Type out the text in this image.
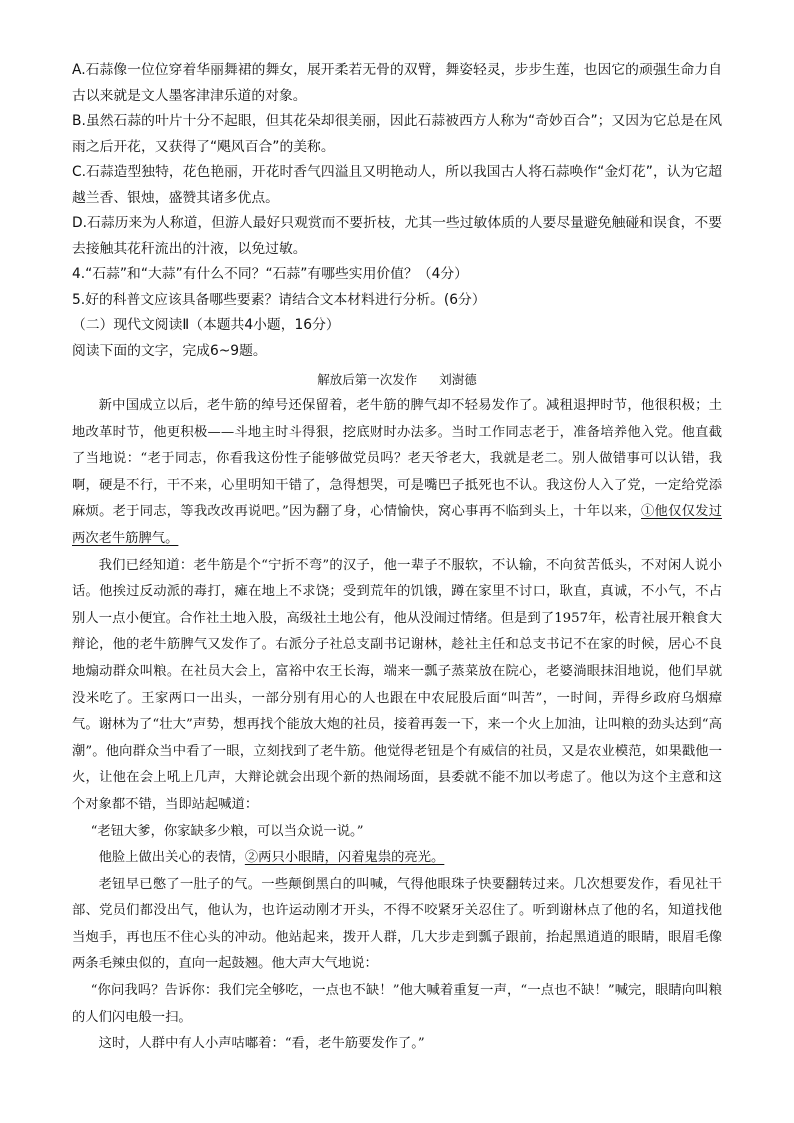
A.石蒜像一位位穿着华丽舞裙的舞女，展开柔若无骨的双臂，舞姿轻灵，步步生莲，也因它的顽强生命力自古以来就是文人墨客津津乐道的对象。

B.虽然石蒜的叶片十分不起眼，但其花朵却很美丽，因此石蒜被西方人称为“奇妙百合”；又因为它总是在风雨之后开花，又获得了“飓风百合”的美称。

C.石蒜造型独特，花色艳丽，开花时香气四溢且又明艳动人，所以我国古人将石蒜唤作“金灯花”，认为它超越兰香、银烛，盛赞其诸多优点。

D.石蒜历来为人称道，但游人最好只观赏而不要折枝，尤其一些过敏体质的人要尽量避免触碰和误食，不要去接触其花秆流出的汁液，以免过敏。

4.“石蒜”和“大蒜”有什么不同？“石蒜”有哪些实用价值？（4分）

5.好的科普文应该具备哪些要素？请结合文本材料进行分析。(6分）

（二）现代文阅读Ⅱ（本题共4小题，16分）

阅读下面的文字，完成6~9题。

解放后第一次发作 刘澍德

新中国成立以后，老牛筋的绰号还保留着，老牛筋的脾气却不轻易发作了。减租退押时节，他很积极；土地改革时节，他更积极——斗地主时斗得狠，挖底财时办法多。当时工作同志老于，准备培养他入党。他直截了当地说：“老于同志，你看我这份性子能够做党员吗？老天爷老大，我就是老二。别人做错事可以认错，我啊，硬是不行，干不来，心里明知干错了，急得想哭，可是嘴巴子抵死也不认。我这份人入了党，一定给党添麻烦。老于同志，等我改改再说吧。”因为翻了身，心情愉快，窝心事再不临到头上，十年以来，①他仅仅发过两次老牛筋脾气。

我们已经知道：老牛筋是个“宁折不弯”的汉子，他一辈子不服软，不认输，不向贫苦低头，不对闲人说小话。他挨过反动派的毒打，瘫在地上不求饶；受到荒年的饥饿，蹲在家里不讨口，耿直，真诚，不小气，不占别人一点小便宜。合作社土地入股，高级社土地公有，他从没闹过情绪。但是到了1957年，松青社展开粮食大辩论，他的老牛筋脾气又发作了。右派分子社总支副书记谢林，趁社主任和总支书记不在家的时候，居心不良地煽动群众叫粮。在社员大会上，富裕中农王长海，端来一瓢子蒸菜放在院心，老婆淌眼抹泪地说，他们早就没米吃了。王家两口一出头，一部分别有用心的人也跟在中农屁股后面“叫苦”，一时间，弄得乡政府乌烟瘴气。谢林为了“壮大”声势，想再找个能放大炮的社员，接着再轰一下，来一个火上加油，让叫粮的劲头达到“高潮”。他向群众当中看了一眼，立刻找到了老牛筋。他觉得老钮是个有威信的社员，又是农业模范，如果戳他一火，让他在会上吼上几声，大辩论就会出现个新的热闹场面，县委就不能不加以考虑了。他以为这个主意和这个对象都不错，当即站起喊道：

“老钮大爹，你家缺多少粮，可以当众说一说。”

他脸上做出关心的表情，②两只小眼睛，闪着鬼祟的亮光。

老钮早已憋了一肚子的气。一些颠倒黑白的叫喊，气得他眼珠子快要翻转过来。几次想要发作，看见社干部、党员们都没出气，他认为，也许运动刚才开头，不得不咬紧牙关忍住了。听到谢林点了他的名，知道找他当炮手，再也压不住心头的冲动。他站起来，拨开人群，几大步走到瓢子跟前，抬起黑逍逍的眼睛，眼眉毛像两条毛辣虫似的，直向一起鼓翘。他大声大气地说：

“你问我吗？告诉你：我们完全够吃，一点也不缺！”他大喊着重复一声，“一点也不缺！”喊完，眼睛向叫粮的人们闪电般一扫。

这时，人群中有人小声咕嘟着：“看，老牛筋要发作了。”
